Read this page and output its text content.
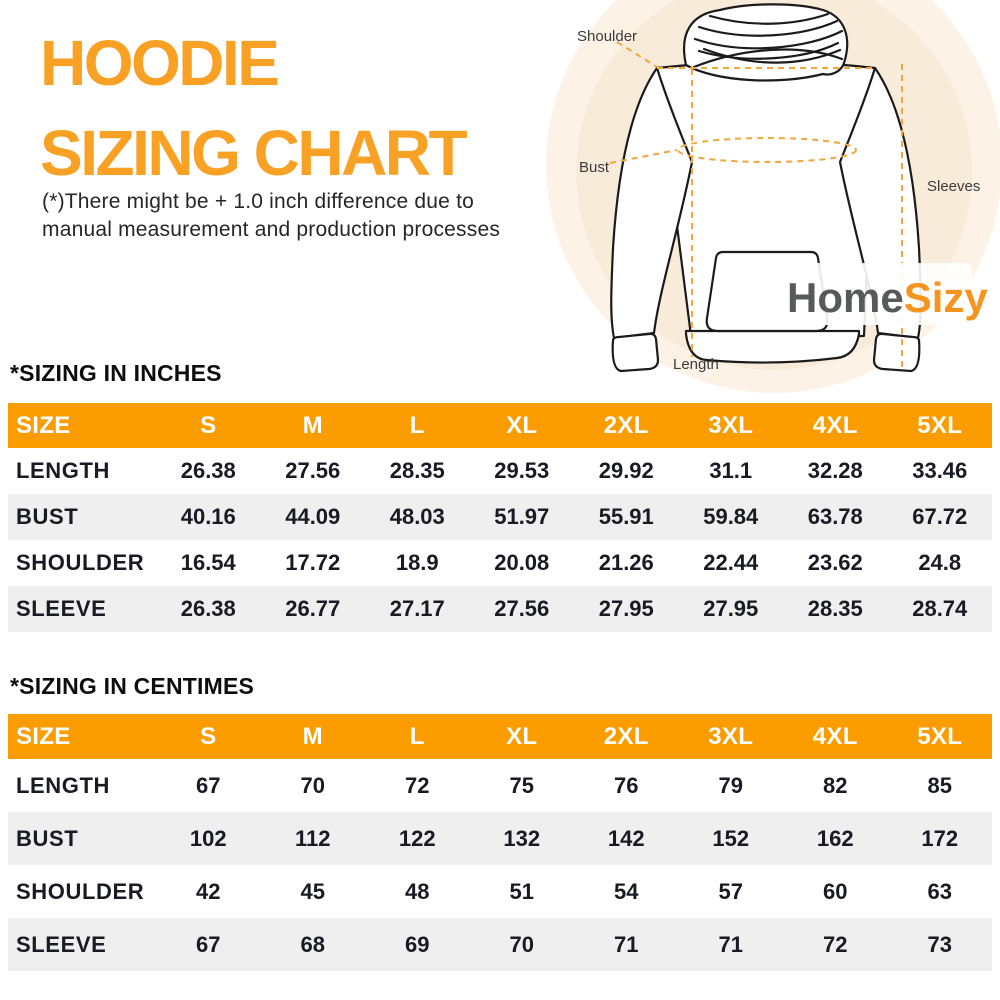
HOODIE
SIZING CHART
(*)There might be + 1.0 inch difference due to
manual measurement and production processes
Shoulder
Bust
Sleeves
Length
HomeSizy
*SIZING IN INCHES
SIZE	S	M	L	XL	2XL	3XL	4XL	5XL
LENGTH	26.38	27.56	28.35	29.53	29.92	31.1	32.28	33.46
BUST	40.16	44.09	48.03	51.97	55.91	59.84	63.78	67.72
SHOULDER	16.54	17.72	18.9	20.08	21.26	22.44	23.62	24.8
SLEEVE	26.38	26.77	27.17	27.56	27.95	27.95	28.35	28.74
*SIZING IN CENTIMES
SIZE	S	M	L	XL	2XL	3XL	4XL	5XL
LENGTH	67	70	72	75	76	79	82	85
BUST	102	112	122	132	142	152	162	172
SHOULDER	42	45	48	51	54	57	60	63
SLEEVE	67	68	69	70	71	71	72	73
